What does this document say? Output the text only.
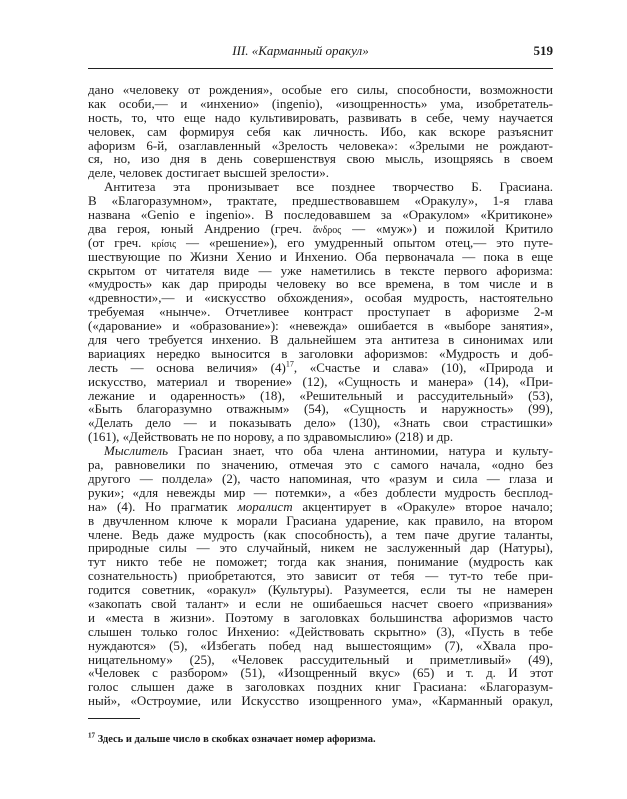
III. «Карманный оракул»	519
дано «человеку от рождения», особые его силы, способности, возможности
как особи,— и «инхенио» (ingenio), «изощренность» ума, изобретатель-
ность, то, что еще надо культивировать, развивать в себе, чему научается
человек, сам формируя себя как личность. Ибо, как вскоре разъяснит
афоризм 6-й, озаглавленный «Зрелость человека»: «Зрелыми не рождают-
ся, но, изо дня в день совершенствуя свою мысль, изощряясь в своем
деле, человек достигает высшей зрелости».
Антитеза эта пронизывает все позднее творчество Б. Грасиана.
В «Благоразумном», трактате, предшествовавшем «Оракулу», 1-я глава
названа «Genio e ingenio». В последовавшем за «Оракулом» «Критиконе»
два героя, юный Андренио (греч. ἄνδρος — «муж») и пожилой Критило
(от греч. κρίσις — «решение»), его умудренный опытом отец,— это путе-
шествующие по Жизни Хенио и Инхенио. Оба первоначала — пока в еще
скрытом от читателя виде — уже наметились в тексте первого афоризма:
«мудрость» как дар природы человеку во все времена, в том числе и в
«древности»,— и «искусство обхождения», особая мудрость, настоятельно
требуемая «нынче». Отчетливее контраст проступает в афоризме 2-м
(«дарование» и «образование»): «невежда» ошибается в «выборе занятия»,
для чего требуется инхенио. В дальнейшем эта антитеза в синонимах или
вариациях нередко выносится в заголовки афоризмов: «Мудрость и доб-
лесть — основа величия» $(4)^{17}$, «Счастье и слава» (10), «Природа и
искусство, материал и творение» (12), «Сущность и манера» (14), «При-
лежание и одаренность» (18), «Решительный и рассудительный» (53),
«Быть благоразумно отважным» (54), «Сущность и наружность» (99),
«Делать дело — и показывать дело» (130), «Знать свои страстишки»
(161), «Действовать не по норову, а по здравомыслию» (218) и др.
Мыслитель Грасиан знает, что оба члена антиномии, натура и культу-
ра, равновелики по значению, отмечая это с самого начала, «одно без
другого — полдела» (2), часто напоминая, что «разум и сила — глаза и
руки»; «для невежды мир — потемки», а «без доблести мудрость бесплод-
на» (4). Но прагматик моралист акцентирует в «Оракуле» второе начало;
в двучленном ключе к морали Грасиана ударение, как правило, на втором
члене. Ведь даже мудрость (как способность), а тем паче другие таланты,
природные силы — это случайный, никем не заслуженный дар (Натуры),
тут никто тебе не поможет; тогда как знания, понимание (мудрость как
сознательность) приобретаются, это зависит от тебя — тут-то тебе при-
годится советник, «оракул» (Культуры). Разумеется, если ты не намерен
«закопать свой талант» и если не ошибаешься насчет своего «призвания»
и «места в жизни». Поэтому в заголовках большинства афоризмов часто
слышен только голос Инхенио: «Действовать скрытно» (3), «Пусть в тебе
нуждаются» (5), «Избегать побед над вышестоящим» (7), «Хвала про-
ницательному» (25), «Человек рассудительный и приметливый» (49),
«Человек с разбором» (51), «Изощренный вкус» (65) и т. д. И этот
голос слышен даже в заголовках поздних книг Грасиана: «Благоразум-
ный», «Остроумие, или Искусство изощренного ума», «Карманный оракул,
$^{17}$ Здесь и дальше число в скобках означает номер афоризма.
